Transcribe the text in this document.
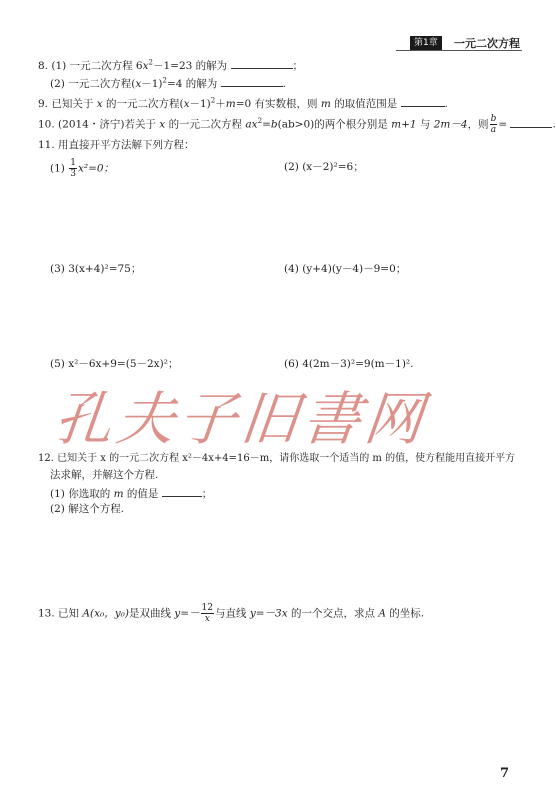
第1章	一元二次方程
8. (1) 一元二次方程 $6x^2-1=23$ 的解为	；
(2) 一元二次方程$(x-1)^2=4$ 的解为	.
9. 已知关于 x 的一元二次方程$(x-1)^2+m=0$ 有实数根，则 m 的取值范围是	.
10. (2014・济宁)若关于 x 的一元二次方程 $ax^2=b(ab>0)$的两个根分别是 m+1 与 2m－4，则 $\frac{b}{a}$ =	.
11. 用直接开平方法解下列方程：
$(1) \frac{1}{3} x^2=0$；	(2) (x－2)²=6；
(3) 3(x+4)²=75；	(4) (y+4)(y－4)－9=0；
(5) x²－6x+9=(5－2x)²；	(6) 4(2m－3)²=9(m－1)².
孔夫子旧書网
12. 已知关于 x 的一元二次方程 x²－4x+4=16－m，请你选取一个适当的 m 的值，使方程能用直接开平方
法求解，并解这个方程.
(1) 你选取的 m 的值是	；
(2) 解这个方程.
13. 已知 A(x₀，y₀)是双曲线 $y=- \frac{12}{x}$ 与直线 y=－3x 的一个交点，求点 A 的坐标.
7
